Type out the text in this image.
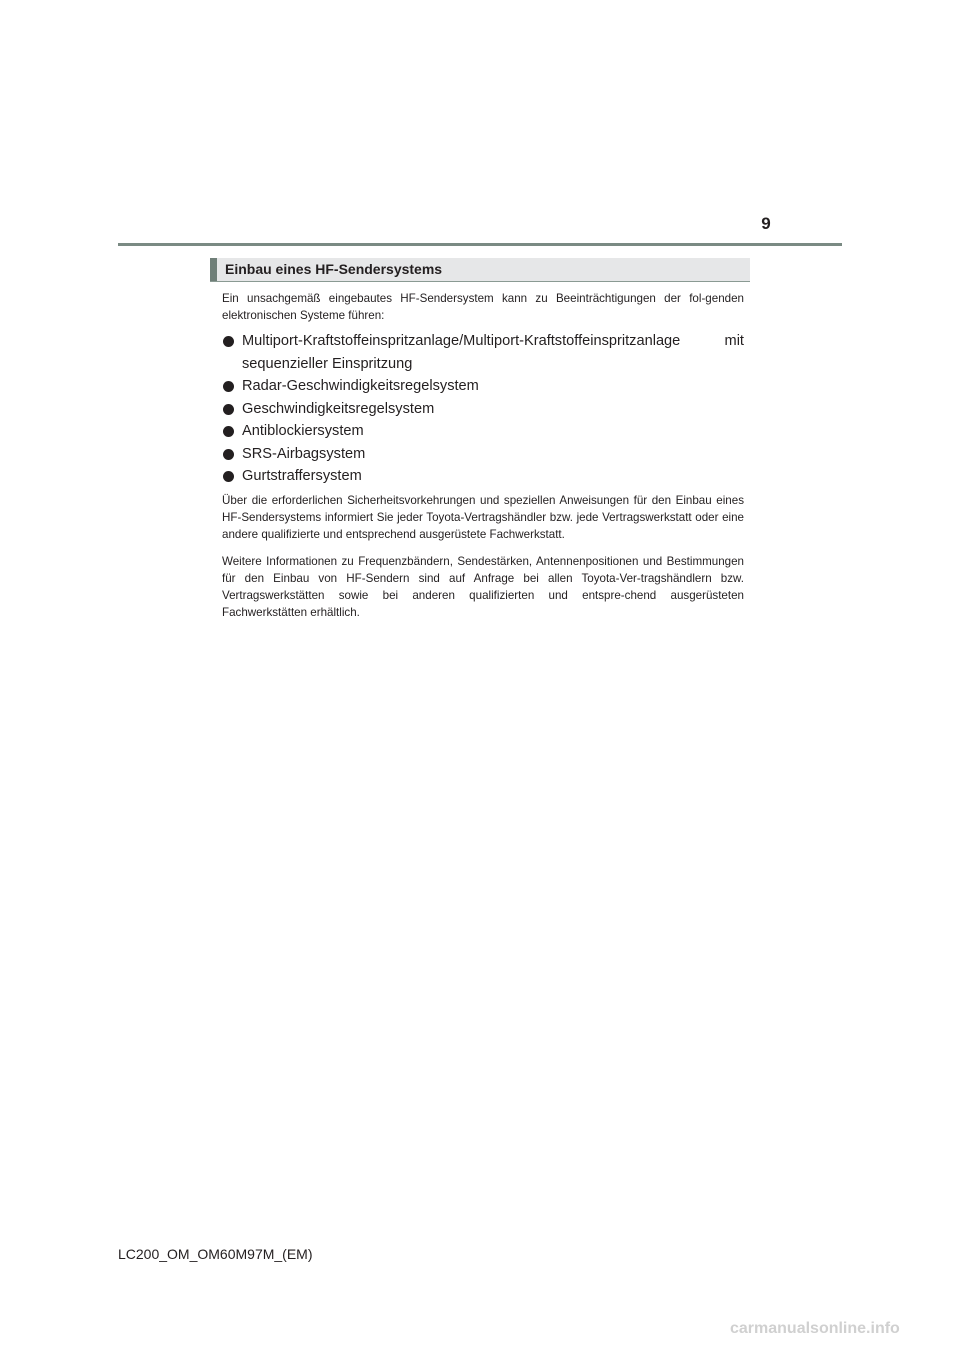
9
Einbau eines HF-Sendersystems

Ein unsachgemäß eingebautes HF-Sendersystem kann zu Beeinträchtigungen der fol-genden elektronischen Systeme führen:

Multiport-Kraftstoffeinspritzanlage/Multiport-Kraftstoffeinspritzanlage mit
sequenzieller Einspritzung
Radar-Geschwindigkeitsregelsystem
Geschwindigkeitsregelsystem
Antiblockiersystem
SRS-Airbagsystem
Gurtstraffersystem

Über die erforderlichen Sicherheitsvorkehrungen und speziellen Anweisungen für den Einbau eines HF-Sendersystems informiert Sie jeder Toyota-Vertragshändler bzw. jede Vertragswerkstatt oder eine andere qualifizierte und entsprechend ausgerüstete Fachwerkstatt.

Weitere Informationen zu Frequenzbändern, Sendestärken, Antennenpositionen und Bestimmungen für den Einbau von HF-Sendern sind auf Anfrage bei allen Toyota-Ver-tragshändlern bzw. Vertragswerkstätten sowie bei anderen qualifizierten und entspre-chend ausgerüsteten Fachwerkstätten erhältlich.

LC200_OM_OM60M97M_(EM)
carmanualsonline.info
